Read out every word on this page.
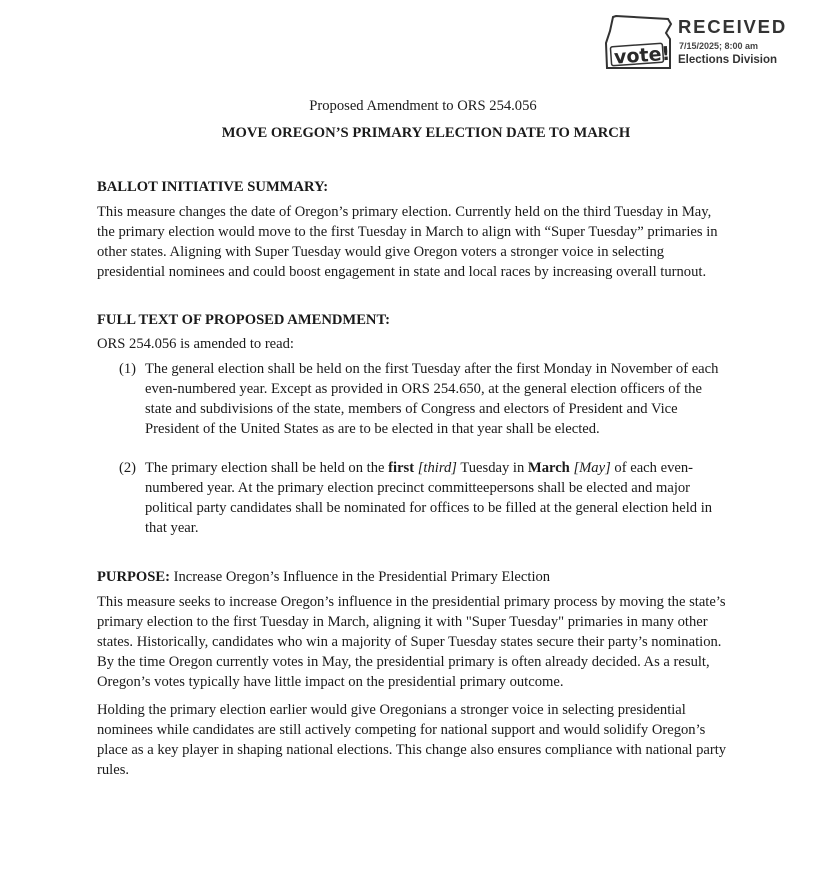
vote!
RECEIVED
7/15/2025; 8:00 am
Elections Division

Proposed Amendment to ORS 254.056

MOVE OREGON’S PRIMARY ELECTION DATE TO MARCH

BALLOT INITIATIVE SUMMARY:

This measure changes the date of Oregon’s primary election. Currently held on the third Tuesday in May, the primary election would move to the first Tuesday in March to align with “Super Tuesday” primaries in other states. Aligning with Super Tuesday would give Oregon voters a stronger voice in selecting presidential nominees and could boost engagement in state and local races by increasing overall turnout.

FULL TEXT OF PROPOSED AMENDMENT:

ORS 254.056 is amended to read:

(1) The general election shall be held on the first Tuesday after the first Monday in November of each even-numbered year. Except as provided in ORS 254.650, at the general election officers of the state and subdivisions of the state, members of Congress and electors of President and Vice President of the United States as are to be elected in that year shall be elected.
(2) The primary election shall be held on the first [third] Tuesday in March [May] of each even-numbered year. At the primary election precinct committeepersons shall be elected and major political party candidates shall be nominated for offices to be filled at the general election held in that year.

PURPOSE: Increase Oregon’s Influence in the Presidential Primary Election

This measure seeks to increase Oregon’s influence in the presidential primary process by moving the state’s primary election to the first Tuesday in March, aligning it with "Super Tuesday" primaries in many other states. Historically, candidates who win a majority of Super Tuesday states secure their party’s nomination. By the time Oregon currently votes in May, the presidential primary is often already decided. As a result, Oregon’s votes typically have little impact on the presidential primary outcome.

Holding the primary election earlier would give Oregonians a stronger voice in selecting presidential nominees while candidates are still actively competing for national support and would solidify Oregon’s place as a key player in shaping national elections. This change also ensures compliance with national party rules.
